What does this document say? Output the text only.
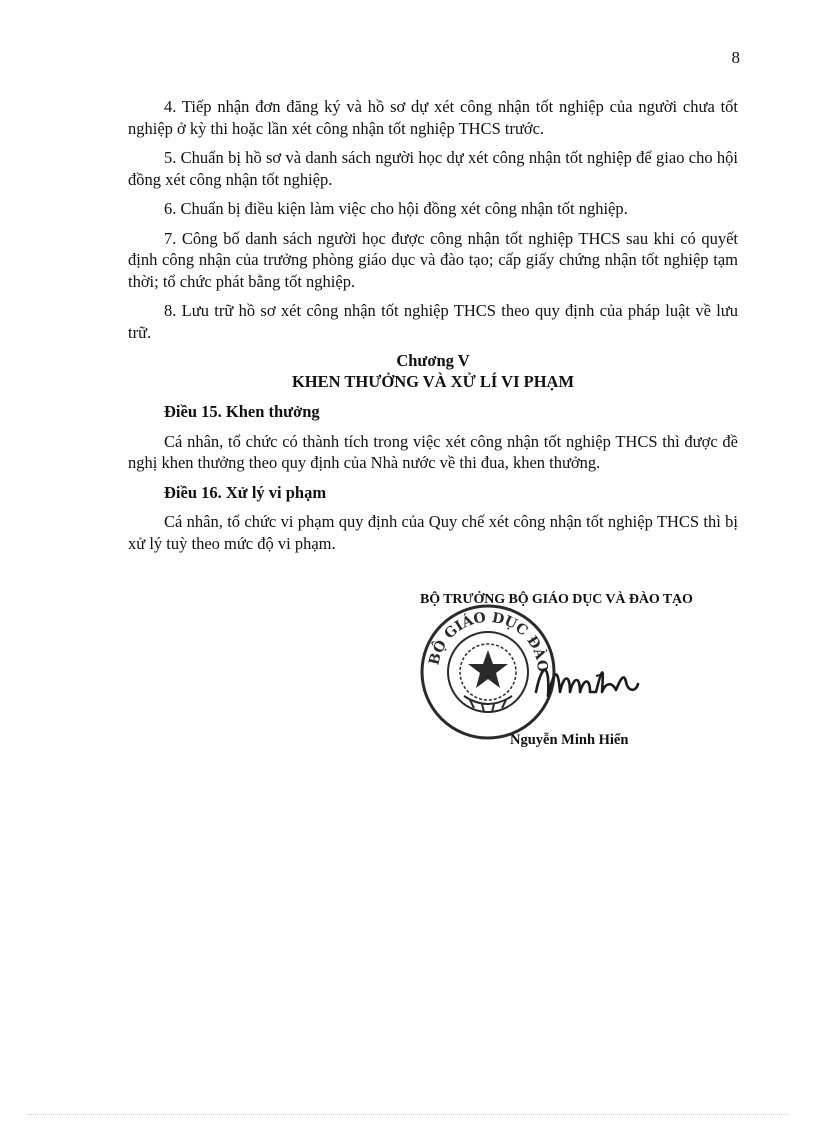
8

4. Tiếp nhận đơn đăng ký và hồ sơ dự xét công nhận tốt nghiệp của người chưa tốt nghiệp ở kỳ thi hoặc lần xét công nhận tốt nghiệp THCS trước.

5. Chuẩn bị hồ sơ và danh sách người học dự xét công nhận tốt nghiệp để giao cho hội đồng xét công nhận tốt nghiệp.

6. Chuẩn bị điều kiện làm việc cho hội đồng xét công nhận tốt nghiệp.

7. Công bố danh sách người học được công nhận tốt nghiệp THCS sau khi có quyết định công nhận của trưởng phòng giáo dục và đào tạo; cấp giấy chứng nhận tốt nghiệp tạm thời; tổ chức phát bằng tốt nghiệp.

8. Lưu trữ hồ sơ xét công nhận tốt nghiệp THCS theo quy định của pháp luật về lưu trữ.

Chương V
KHEN THƯỞNG VÀ XỬ LÍ VI PHẠM
Điều 15. Khen thưởng

Cá nhân, tổ chức có thành tích trong việc xét công nhận tốt nghiệp THCS thì được đề nghị khen thưởng theo quy định của Nhà nước về thi đua, khen thưởng.

Điều 16. Xử lý vi phạm

Cá nhân, tổ chức vi phạm quy định của Quy chế xét công nhận tốt nghiệp THCS thì bị xử lý tuỳ theo mức độ vi phạm.

BỘ GIÁO DỤC ĐÀO
BỘ TRƯỞNG BỘ GIÁO DỤC VÀ ĐÀO TẠO
Nguyễn Minh Hiển
